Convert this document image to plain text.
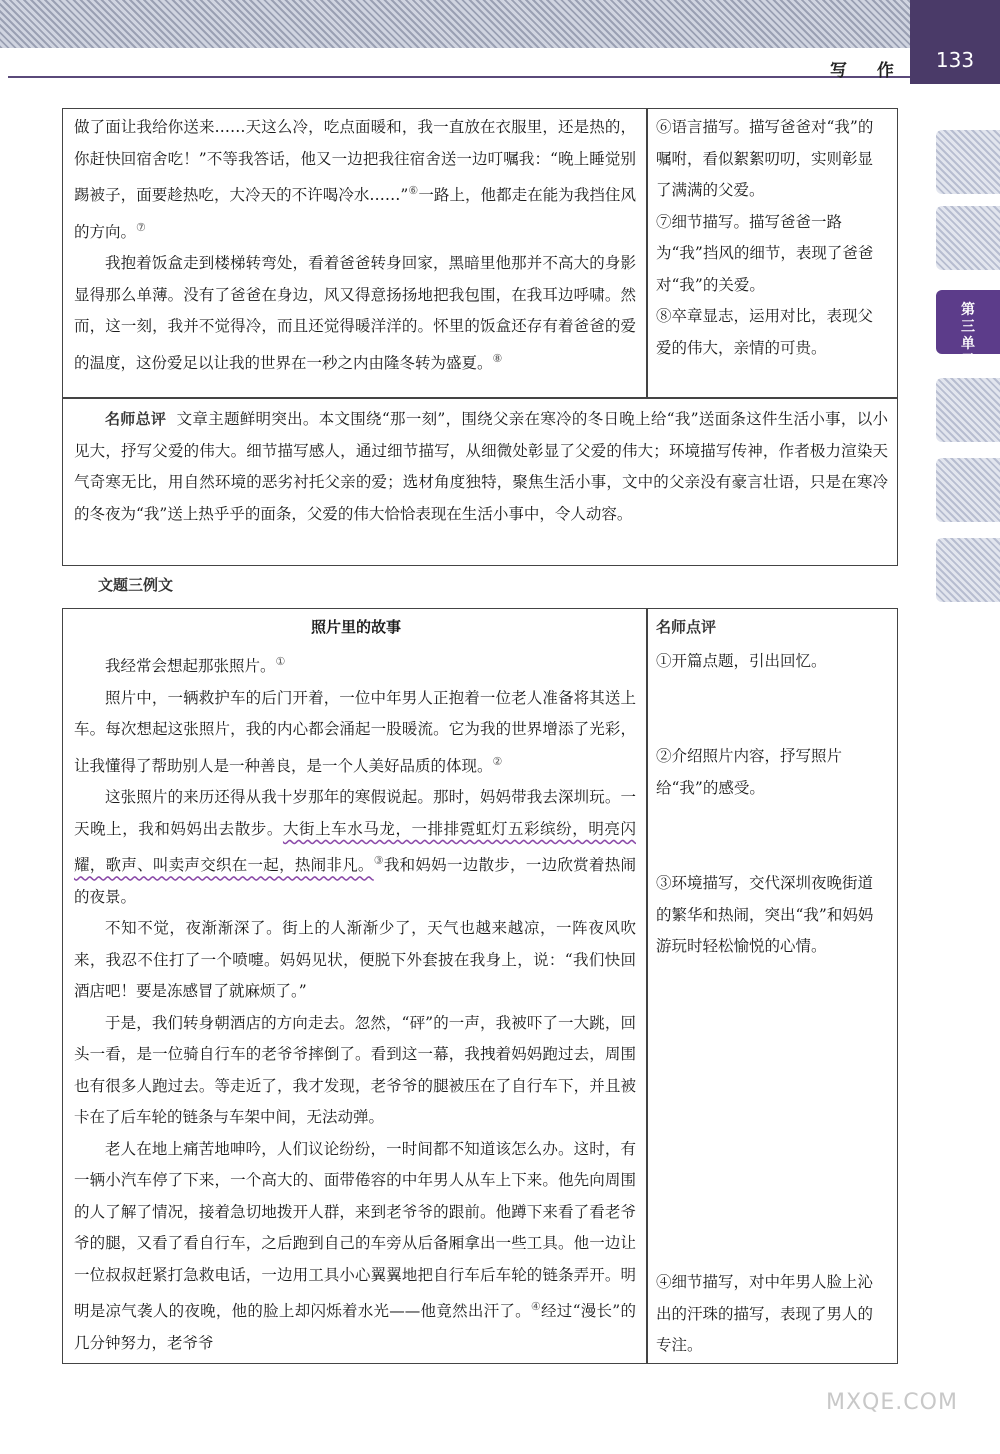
写 作	133
第三单元

做了面让我给你送来……天这么冷，吃点面暖和，我一直放在衣服里，还是热的，你赶快回宿舍吃！”不等我答话，他又一边把我往宿舍送一边叮嘱我：“晚上睡觉别踢被子，面要趁热吃，大冷天的不许喝冷水……”⑥一路上，他都走在能为我挡住风的方向。⑦

我抱着饭盒走到楼梯转弯处，看着爸爸转身回家，黑暗里他那并不高大的身影显得那么单薄。没有了爸爸在身边，风又得意扬扬地把我包围，在我耳边呼啸。然而，这一刻，我并不觉得冷，而且还觉得暖洋洋的。怀里的饭盒还存有着爸爸的爱的温度，这份爱足以让我的世界在一秒之内由隆冬转为盛夏。⑧

⑥语言描写。描写爸爸对“我”的嘱咐，看似絮絮叨叨，实则彰显了满满的父爱。

⑦细节描写。描写爸爸一路为“我”挡风的细节，表现了爸爸对“我”的关爱。

⑧卒章显志，运用对比，表现父爱的伟大，亲情的可贵。

名师总评 文章主题鲜明突出。本文围绕“那一刻”，围绕父亲在寒冷的冬日晚上给“我”送面条这件生活小事，以小见大，抒写父爱的伟大。细节描写感人，通过细节描写，从细微处彰显了父爱的伟大；环境描写传神，作者极力渲染天气奇寒无比，用自然环境的恶劣衬托父亲的爱；选材角度独特，聚焦生活小事，文中的父亲没有豪言壮语，只是在寒冷的冬夜为“我”送上热乎乎的面条，父爱的伟大恰恰表现在生活小事中，令人动容。
文题三例文
照片里的故事	名师点评

我经常会想起那张照片。①

照片中，一辆救护车的后门开着，一位中年男人正抱着一位老人准备将其送上车。每次想起这张照片，我的内心都会涌起一股暖流。它为我的世界增添了光彩，让我懂得了帮助别人是一种善良，是一个人美好品质的体现。②

这张照片的来历还得从我十岁那年的寒假说起。那时，妈妈带我去深圳玩。一天晚上，我和妈妈出去散步。大街上车水马龙，一排排霓虹灯五彩缤纷，明亮闪耀，歌声、叫卖声交织在一起，热闹非凡。③我和妈妈一边散步，一边欣赏着热闹的夜景。

不知不觉，夜渐渐深了。街上的人渐渐少了，天气也越来越凉，一阵夜风吹来，我忍不住打了一个喷嚏。妈妈见状，便脱下外套披在我身上，说：“我们快回酒店吧！要是冻感冒了就麻烦了。”

于是，我们转身朝酒店的方向走去。忽然，“砰”的一声，我被吓了一大跳，回头一看，是一位骑自行车的老爷爷摔倒了。看到这一幕，我拽着妈妈跑过去，周围也有很多人跑过去。等走近了，我才发现，老爷爷的腿被压在了自行车下，并且被卡在了后车轮的链条与车架中间，无法动弹。

老人在地上痛苦地呻吟，人们议论纷纷，一时间都不知道该怎么办。这时，有一辆小汽车停了下来，一个高大的、面带倦容的中年男人从车上下来。他先向周围的人了解了情况，接着急切地拨开人群，来到老爷爷的跟前。他蹲下来看了看老爷爷的腿，又看了看自行车，之后跑到自己的车旁从后备厢拿出一些工具。他一边让一位叔叔赶紧打急救电话，一边用工具小心翼翼地把自行车后车轮的链条弄开。明明是凉气袭人的夜晚，他的脸上却闪烁着水光——他竟然出汗了。④经过“漫长”的几分钟努力，老爷爷

①开篇点题，引出回忆。
②介绍照片内容，抒写照片给“我”的感受。
③环境描写，交代深圳夜晚街道的繁华和热闹，突出“我”和妈妈游玩时轻松愉悦的心情。
④细节描写，对中年男人脸上沁出的汗珠的描写，表现了男人的专注。
MXQE.COM
